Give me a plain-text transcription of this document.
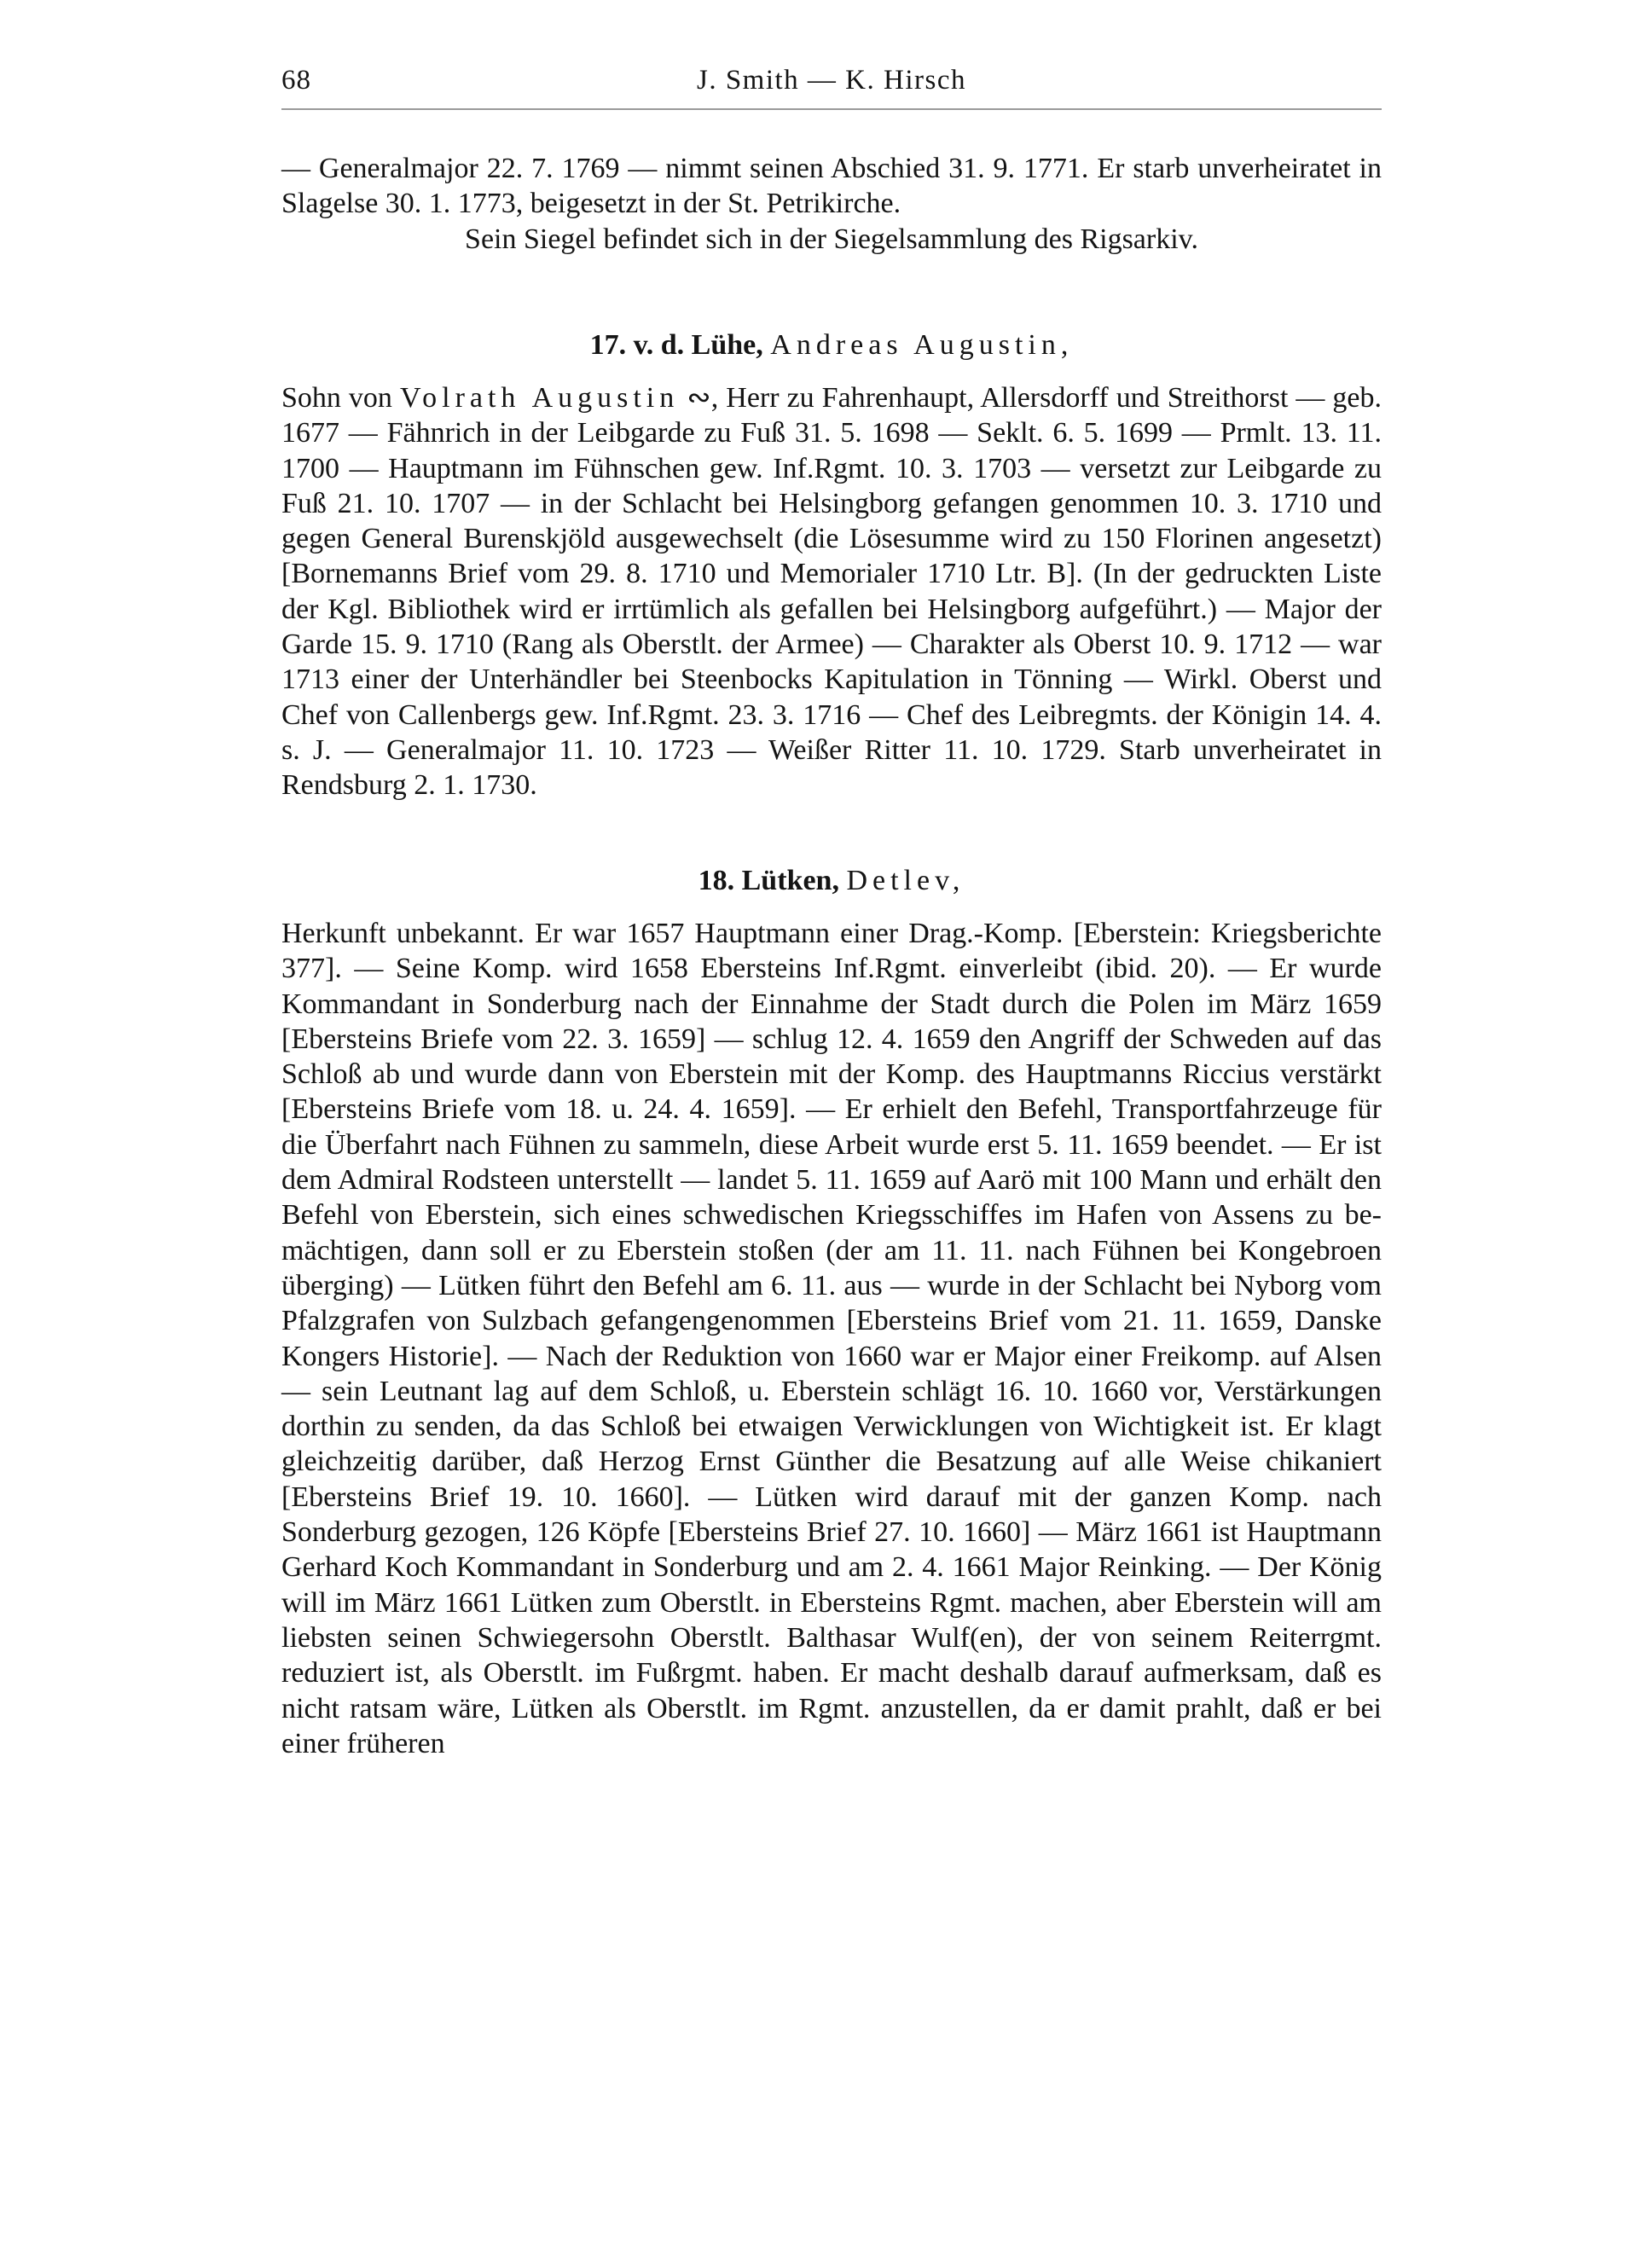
68	J. Smith — K. Hirsch

— Generalmajor 22. 7. 1769 — nimmt seinen Abschied 31. 9. 1771. Er starb unverheiratet in Slagelse 30. 1. 1773, beigesetzt in der St. Petrikirche.

Sein Siegel befindet sich in der Siegelsammlung des Rigsarkiv.

17. v. d. Lühe, Andreas Augustin,

Sohn von Volrath Augustin ∾, Herr zu Fahrenhaupt, Allersdorff und Streithorst — geb. 1677 — Fähnrich in der Leibgarde zu Fuß 31. 5. 1698 — Seklt. 6. 5. 1699 — Prmlt. 13. 11. 1700 — Hauptmann im Fühnschen gew. Inf.Rgmt. 10. 3. 1703 — versetzt zur Leibgarde zu Fuß 21. 10. 1707 — in der Schlacht bei Helsingborg gefangen genommen 10. 3. 1710 und gegen General Burenskjöld ausgewechselt (die Lösesumme wird zu 150 Florinen angesetzt) [Bornemanns Brief vom 29. 8. 1710 und Memorialer 1710 Ltr. B]. (In der gedruckten Liste der Kgl. Bibliothek wird er irrtümlich als gefallen bei Helsingborg aufgeführt.) — Major der Garde 15. 9. 1710 (Rang als Oberstlt. der Armee) — Charakter als Oberst 10. 9. 1712 — war 1713 einer der Unterhändler bei Steenbocks Kapitulation in Tönning — Wirkl. Oberst und Chef von Callenbergs gew. Inf.Rgmt. 23. 3. 1716 — Chef des Leibregmts. der Königin 14. 4. s. J. — Generalmajor 11. 10. 1723 — Weißer Ritter 11. 10. 1729. Starb unverheiratet in Rendsburg 2. 1. 1730.

18. Lütken, Detlev,

Herkunft unbekannt. Er war 1657 Hauptmann einer Drag.-Komp. [Eberstein: Kriegsberichte 377]. — Seine Komp. wird 1658 Ebersteins Inf.Rgmt. einverleibt (ibid. 20). — Er wurde Kommandant in Sonderburg nach der Einnahme der Stadt durch die Polen im März 1659 [Ebersteins Briefe vom 22. 3. 1659] — schlug 12. 4. 1659 den Angriff der Schweden auf das Schloß ab und wurde dann von Eberstein mit der Komp. des Hauptmanns Riccius verstärkt [Ebersteins Briefe vom 18. u. 24. 4. 1659]. — Er erhielt den Befehl, Transportfahrzeuge für die Überfahrt nach Fühnen zu sammeln, diese Arbeit wurde erst 5. 11. 1659 beendet. — Er ist dem Admiral Rodsteen unterstellt — landet 5. 11. 1659 auf Aarö mit 100 Mann und erhält den Befehl von Eberstein, sich eines schwedischen Kriegsschiffes im Hafen von Assens zu bemächtigen, dann soll er zu Eberstein stoßen (der am 11. 11. nach Fühnen bei Kongebroen überging) — Lütken führt den Befehl am 6. 11. aus — wurde in der Schlacht bei Nyborg vom Pfalzgrafen von Sulzbach gefangengenommen [Ebersteins Brief vom 21. 11. 1659, Danske Kongers Historie]. — Nach der Reduktion von 1660 war er Major einer Freikomp. auf Alsen — sein Leutnant lag auf dem Schloß, u. Eberstein schlägt 16. 10. 1660 vor, Verstärkungen dorthin zu senden, da das Schloß bei etwaigen Verwicklungen von Wichtigkeit ist. Er klagt gleichzeitig darüber, daß Herzog Ernst Günther die Besatzung auf alle Weise chikaniert [Ebersteins Brief 19. 10. 1660]. — Lütken wird darauf mit der ganzen Komp. nach Sonderburg gezogen, 126 Köpfe [Ebersteins Brief 27. 10. 1660] — März 1661 ist Hauptmann Gerhard Koch Kommandant in Sonderburg und am 2. 4. 1661 Major Reinking. — Der König will im März 1661 Lütken zum Oberstlt. in Ebersteins Rgmt. machen, aber Eberstein will am liebsten seinen Schwiegersohn Oberstlt. Balthasar Wulf(en), der von seinem Reiterrgmt. reduziert ist, als Oberstlt. im Fußrgmt. haben. Er macht deshalb darauf aufmerksam, daß es nicht ratsam wäre, Lütken als Oberstlt. im Rgmt. anzustellen, da er damit prahlt, daß er bei einer früheren
